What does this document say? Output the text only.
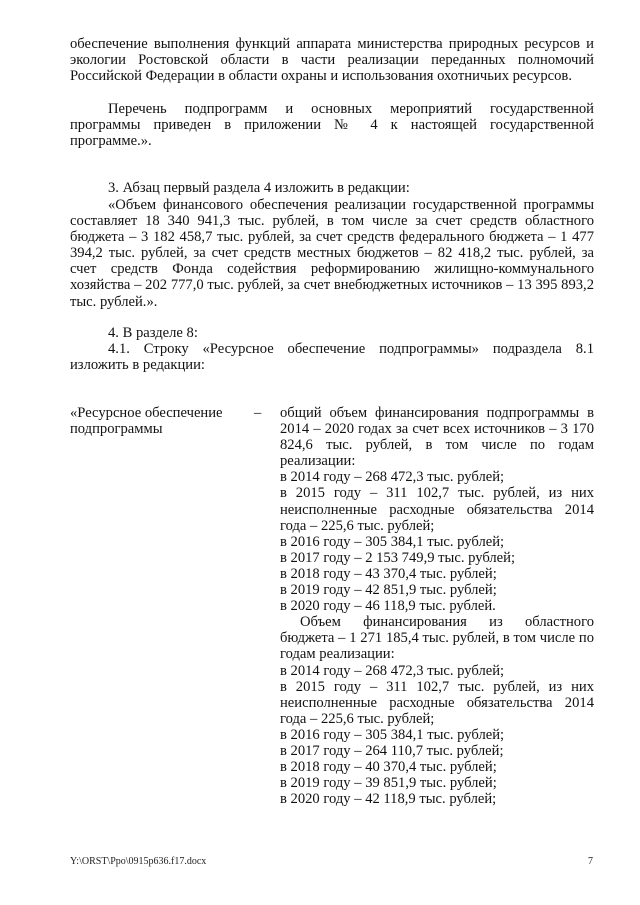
обеспечение выполнения функций аппарата министерства природных ресурсов и экологии Ростовской области в части реализации переданных полномочий Российской Федерации в области охраны и использования охотничьих ресурсов.

Перечень подпрограмм и основных мероприятий государственной программы приведен в приложении № 4 к настоящей государственной программе.».

3. Абзац первый раздела 4 изложить в редакции:

«Объем финансового обеспечения реализации государственной программы составляет 18 340 941,3 тыс. рублей, в том числе за счет средств областного бюджета – 3 182 458,7 тыс. рублей, за счет средств федерального бюджета – 1 477 394,2 тыс. рублей, за счет средств местных бюджетов – 82 418,2 тыс. рублей, за счет средств Фонда содействия реформированию жилищно-коммунального хозяйства – 202 777,0 тыс. рублей, за счет внебюджетных источников – 13 395 893,2 тыс. рублей.».

4. В разделе 8:

4.1. Строку «Ресурсное обеспечение подпрограммы» подраздела 8.1 изложить в редакции:

«Ресурсное обеспечение подпрограммы
– общий объем финансирования подпрограммы в 2014 – 2020 годах за счет всех источников – 3 170 824,6 тыс. рублей, в том числе по годам реализации:
в 2014 году – 268 472,3 тыс. рублей;
в 2015 году – 311 102,7 тыс. рублей, из них неисполненные расходные обязательства 2014 года – 225,6 тыс. рублей;
в 2016 году – 305 384,1 тыс. рублей;
в 2017 году – 2 153 749,9 тыс. рублей;
в 2018 году – 43 370,4 тыс. рублей;
в 2019 году – 42 851,9 тыс. рублей;
в 2020 году – 46 118,9 тыс. рублей.
Объем финансирования из областного бюджета – 1 271 185,4 тыс. рублей, в том числе по годам реализации:
в 2014 году – 268 472,3 тыс. рублей;
в 2015 году – 311 102,7 тыс. рублей, из них неисполненные расходные обязательства 2014 года – 225,6 тыс. рублей;
в 2016 году – 305 384,1 тыс. рублей;
в 2017 году – 264 110,7 тыс. рублей;
в 2018 году – 40 370,4 тыс. рублей;
в 2019 году – 39 851,9 тыс. рублей;
в 2020 году – 42 118,9 тыс. рублей;
Y:\ORST\Ppo\0915p636.f17.docx	7
